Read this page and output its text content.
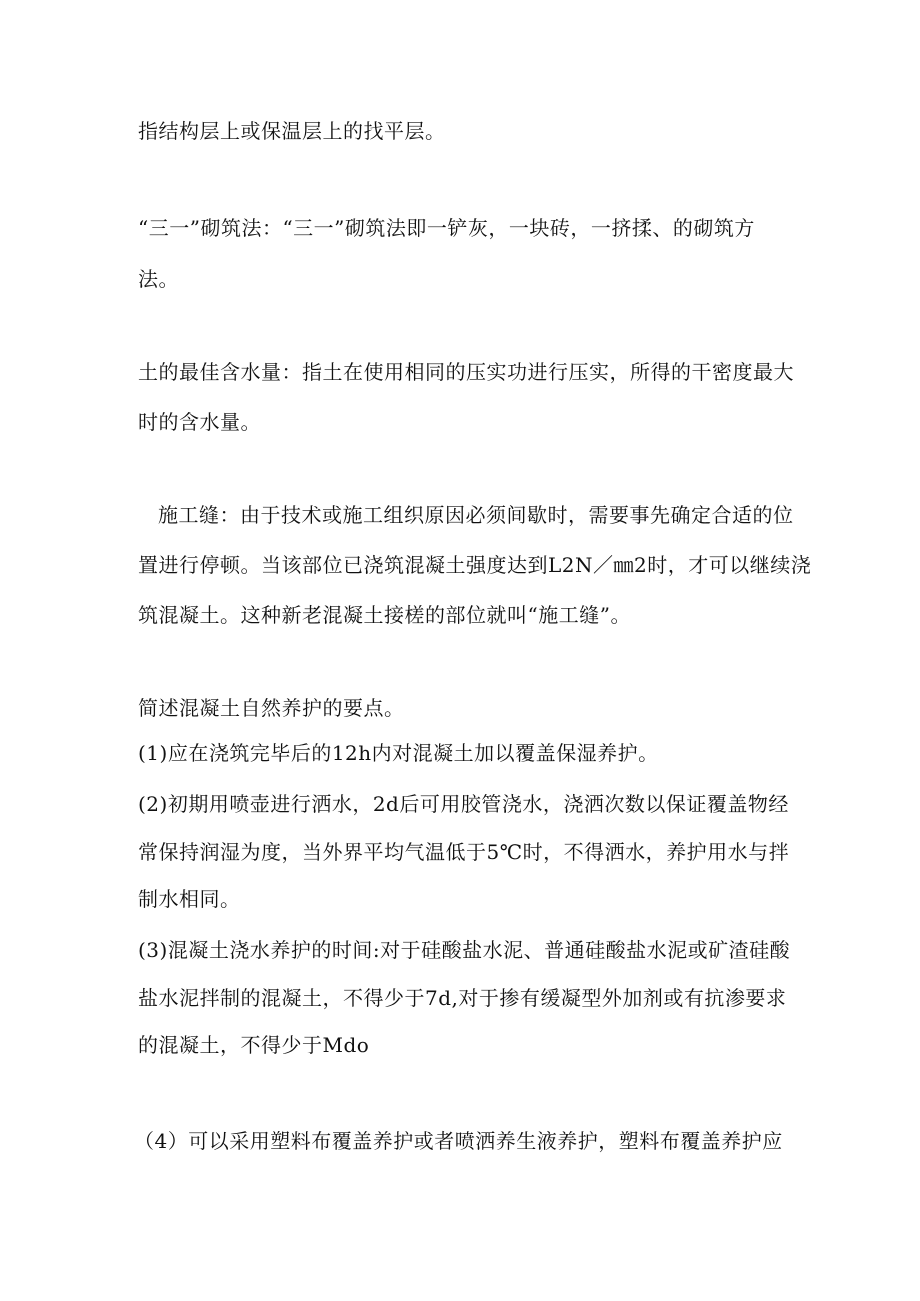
指结构层上或保温层上的找平层。
“三一”砌筑法：“三一”砌筑法即一铲灰，一块砖，一挤揉、的砌筑方
法。
土的最佳含水量：指土在使用相同的压实功进行压实，所得的干密度最大
时的含水量。
施工缝：由于技术或施工组织原因必须间歇时，需要事先确定合适的位
置进行停顿。当该部位已浇筑混凝土强度达到L2N／㎜2时，才可以继续浇
筑混凝土。这种新老混凝土接槎的部位就叫“施工缝”。
简述混凝土自然养护的要点。
(1)应在浇筑完毕后的12h内对混凝土加以覆盖保湿养护。
(2)初期用喷壶进行洒水，2d后可用胶管浇水，浇洒次数以保证覆盖物经
常保持润湿为度，当外界平均气温低于5℃时，不得洒水，养护用水与拌
制水相同。
(3)混凝土浇水养护的时间:对于硅酸盐水泥、普通硅酸盐水泥或矿渣硅酸
盐水泥拌制的混凝土，不得少于7d,对于掺有缓凝型外加剂或有抗渗要求
的混凝土，不得少于Mdo
（4）可以采用塑料布覆盖养护或者喷洒养生液养护，塑料布覆盖养护应
